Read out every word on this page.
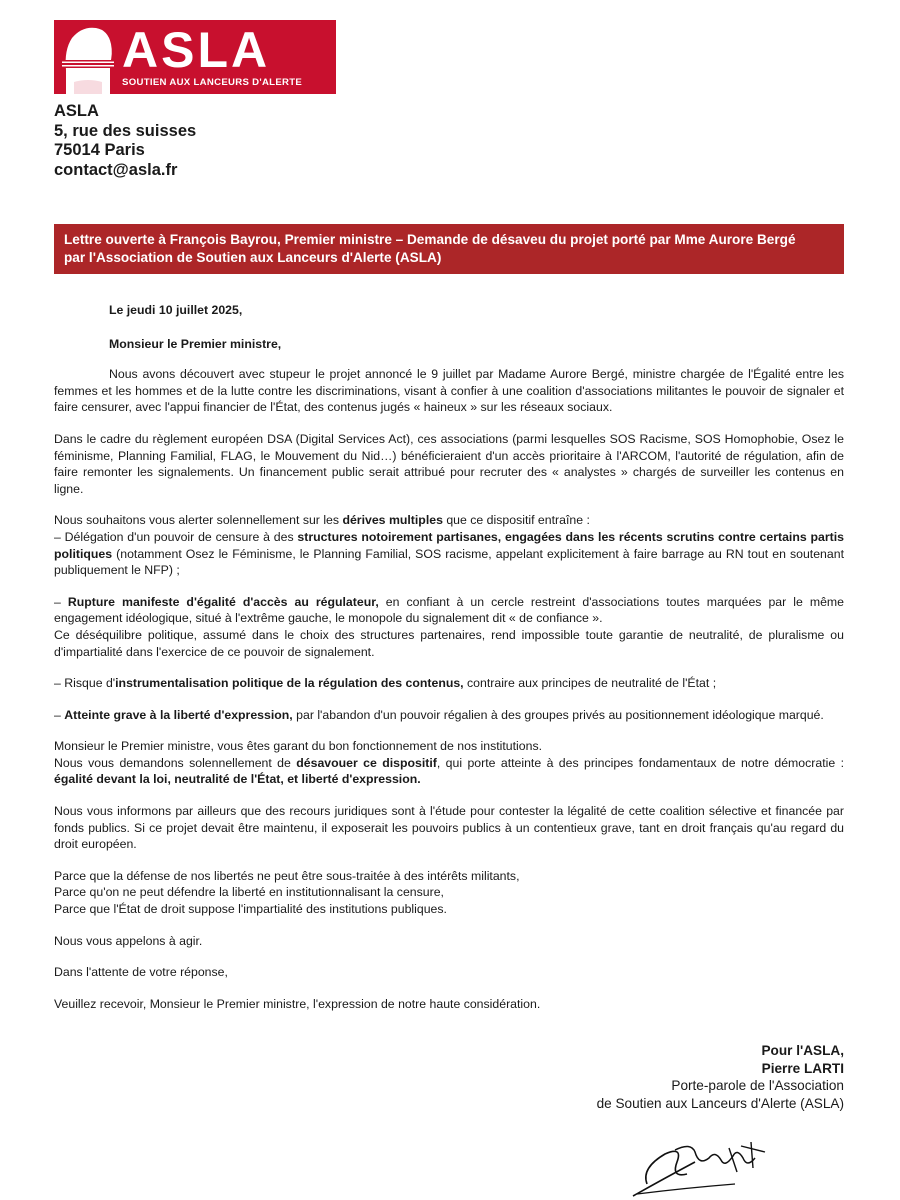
ASLA
SOUTIEN AUX LANCEURS D'ALERTE
ASLA
5, rue des suisses
75014 Paris
contact@asla.fr
Lettre ouverte à François Bayrou, Premier ministre – Demande de désaveu du projet porté par Mme Aurore Bergé
par l'Association de Soutien aux Lanceurs d'Alerte (ASLA)

Le jeudi 10 juillet 2025,

Monsieur le Premier ministre,

Nous avons découvert avec stupeur le projet annoncé le 9 juillet par Madame Aurore Bergé, ministre chargée de l'Égalité entre les femmes et les hommes et de la lutte contre les discriminations, visant à confier à une coalition d'associations militantes le pouvoir de signaler et faire censurer, avec l'appui financier de l'État, des contenus jugés « haineux » sur les réseaux sociaux.

Dans le cadre du règlement européen DSA (Digital Services Act), ces associations (parmi lesquelles SOS Racisme, SOS Homophobie, Osez le féminisme, Planning Familial, FLAG, le Mouvement du Nid…) bénéficieraient d'un accès prioritaire à l'ARCOM, l'autorité de régulation, afin de faire remonter les signalements. Un financement public serait attribué pour recruter des « analystes » chargés de surveiller les contenus en ligne.

Nous souhaitons vous alerter solennellement sur les dérives multiples que ce dispositif entraîne :

– Délégation d'un pouvoir de censure à des structures notoirement partisanes, engagées dans les récents scrutins contre certains partis politiques (notamment Osez le Féminisme, le Planning Familial, SOS racisme, appelant explicitement à faire barrage au RN tout en soutenant publiquement le NFP) ;

– Rupture manifeste d'égalité d'accès au régulateur, en confiant à un cercle restreint d'associations toutes marquées par le même engagement idéologique, situé à l'extrême gauche, le monopole du signalement dit « de confiance ».

Ce déséquilibre politique, assumé dans le choix des structures partenaires, rend impossible toute garantie de neutralité, de pluralisme ou d'impartialité dans l'exercice de ce pouvoir de signalement.

– Risque d'instrumentalisation politique de la régulation des contenus, contraire aux principes de neutralité de l'État ;

– Atteinte grave à la liberté d'expression, par l'abandon d'un pouvoir régalien à des groupes privés au positionnement idéologique marqué.

Monsieur le Premier ministre, vous êtes garant du bon fonctionnement de nos institutions.

Nous vous demandons solennellement de désavouer ce dispositif, qui porte atteinte à des principes fondamentaux de notre démocratie : égalité devant la loi, neutralité de l'État, et liberté d'expression.

Nous vous informons par ailleurs que des recours juridiques sont à l'étude pour contester la légalité de cette coalition sélective et financée par fonds publics. Si ce projet devait être maintenu, il exposerait les pouvoirs publics à un contentieux grave, tant en droit français qu'au regard du droit européen.

Parce que la défense de nos libertés ne peut être sous-traitée à des intérêts militants,

Parce qu'on ne peut défendre la liberté en institutionnalisant la censure,

Parce que l'État de droit suppose l'impartialité des institutions publiques.

Nous vous appelons à agir.

Dans l'attente de votre réponse,

Veuillez recevoir, Monsieur le Premier ministre, l'expression de notre haute considération.

Pour l'ASLA,
Pierre LARTI
Porte-parole de l'Association
de Soutien aux Lanceurs d'Alerte (ASLA)
